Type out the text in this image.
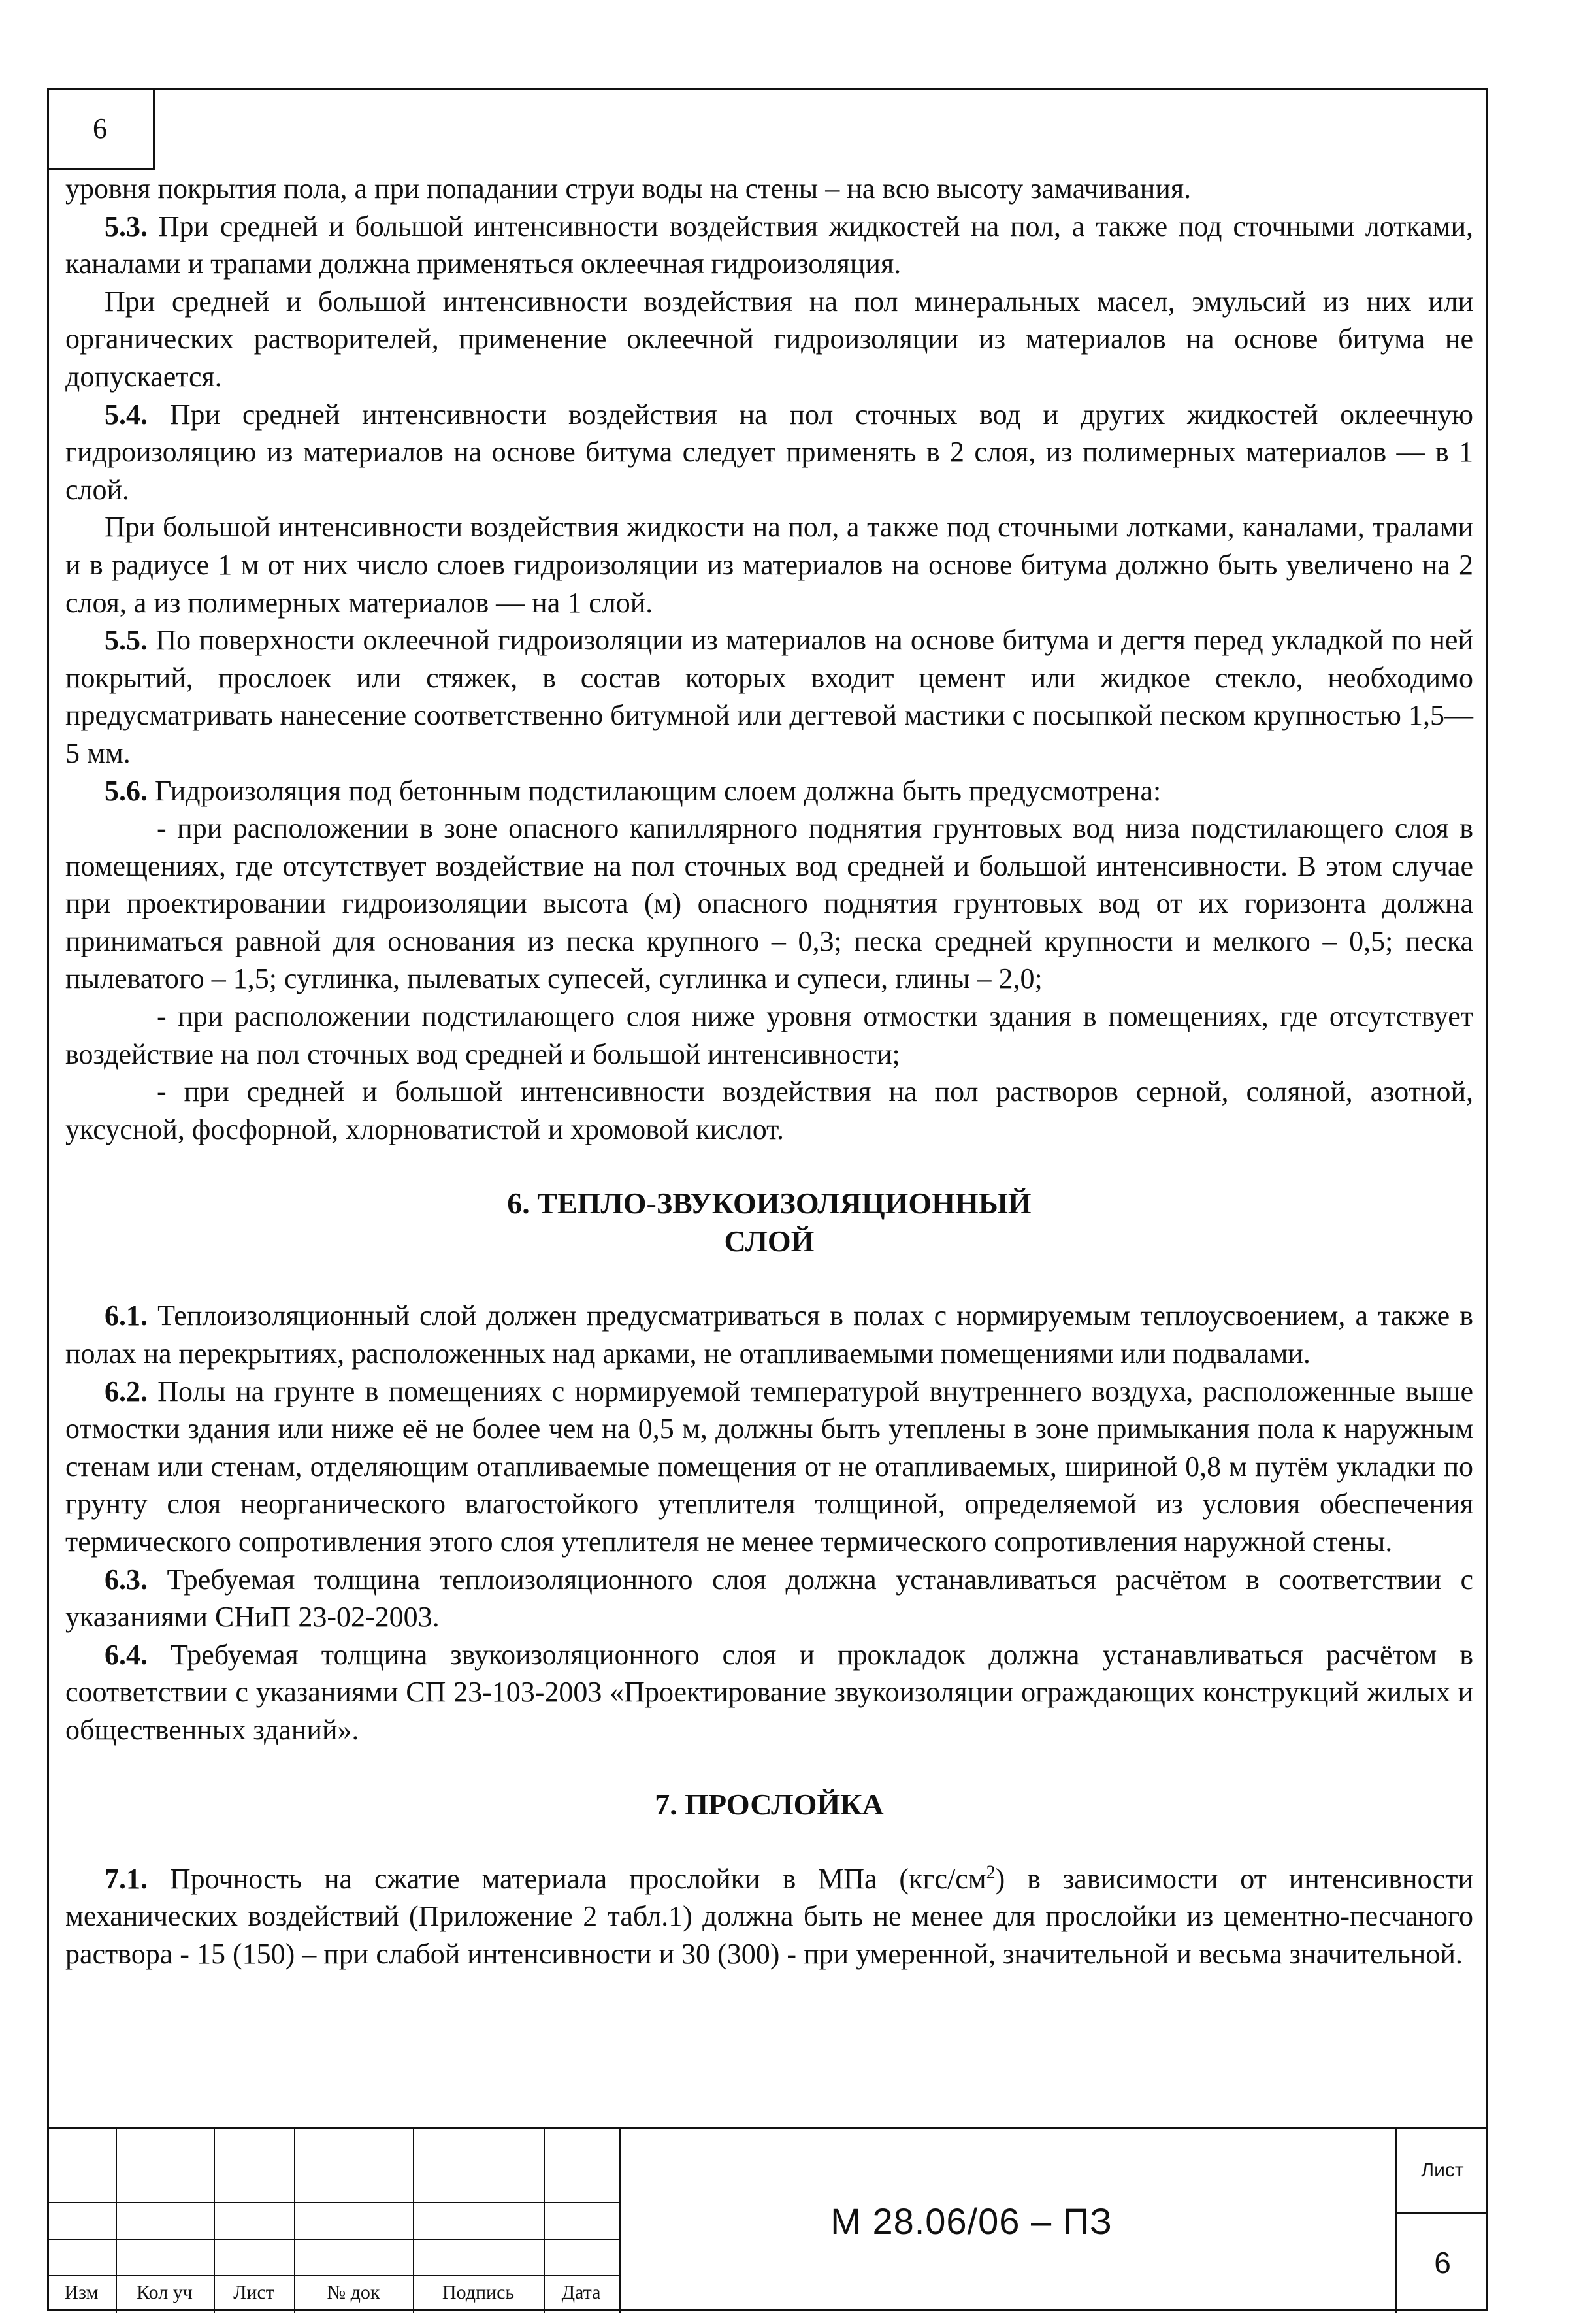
6

уровня покрытия пола, а при попадании струи воды на стены – на всю высоту замачивания.

5.3. При средней и большой интенсивности воздействия жидкостей на пол, а также под сточными лотками, каналами и трапами должна применяться оклеечная гидроизоляция.

При средней и большой интенсивности воздействия на пол минеральных масел, эмульсий из них или органических растворителей, применение оклеечной гидроизоляции из материалов на основе битума не допускается.

5.4. При средней интенсивности воздействия на пол сточных вод и других жидкостей оклеечную гидроизоляцию из материалов на основе битума следует применять в 2 слоя, из полимерных материалов — в 1 слой.

При большой интенсивности воздействия жидкости на пол, а также под сточными лотками, каналами, тралами и в радиусе 1 м от них число слоев гидроизоляции из материалов на основе битума должно быть увеличено на 2 слоя, а из полимерных материалов — на 1 слой.

5.5. По поверхности оклеечной гидроизоляции из материалов на основе битума и дегтя перед укладкой по ней покрытий, прослоек или стяжек, в состав которых входит цемент или жидкое стекло, необходимо предусматривать нанесение соответственно битумной или дегтевой мастики с посыпкой песком крупностью 1,5—5 мм.

5.6. Гидроизоляция под бетонным подстилающим слоем должна быть предусмотрена:

- при расположении в зоне опасного капиллярного поднятия грунтовых вод низа подстилающего слоя в помещениях, где отсутствует воздействие на пол сточных вод средней и большой интенсивности. В этом случае при проектировании гидроизоляции высота (м) опасного поднятия грунтовых вод от их горизонта должна приниматься равной для основания из песка крупного – 0,3; песка средней крупности и мелкого – 0,5; песка пылеватого – 1,5; суглинка, пылеватых супесей, суглинка и супеси, глины – 2,0;

- при расположении подстилающего слоя ниже уровня отмостки здания в помещениях, где отсутствует воздействие на пол сточных вод средней и большой интенсивности;

- при средней и большой интенсивности воздействия на пол растворов серной, соляной, азотной, уксусной, фосфорной, хлорноватистой и хромовой кислот.

6. ТЕПЛО-ЗВУКОИЗОЛЯЦИОННЫЙ
СЛОЙ

6.1. Теплоизоляционный слой должен предусматриваться в полах с нормируемым теплоусвоением, а также в полах на перекрытиях, расположенных над арками, не отапливаемыми помещениями или подвалами.

6.2. Полы на грунте в помещениях с нормируемой температурой внутреннего воздуха, расположенные выше отмостки здания или ниже её не более чем на 0,5 м, должны быть утеплены в зоне примыкания пола к наружным стенам или стенам, отделяющим отапливаемые помещения от не отапливаемых, шириной 0,8 м путём укладки по грунту слоя неорганического влагостойкого утеплителя толщиной, определяемой из условия обеспечения термического сопротивления этого слоя утеплителя не менее термического сопротивления наружной стены.

6.3. Требуемая толщина теплоизоляционного слоя должна устанавливаться расчётом в соответствии с указаниями СНиП 23-02-2003.

6.4. Требуемая толщина звукоизоляционного слоя и прокладок должна устанавливаться расчётом в соответствии с указаниями СП 23-103-2003 «Проектирование звукоизоляции ограждающих конструкций жилых и общественных зданий».

7. ПРОСЛОЙКА

7.1. Прочность на сжатие материала прослойки в МПа $(кгс/см^2)$ в зависимости от интенсивности механических воздействий (Приложение 2 табл.1) должна быть не менее для прослойки из цементно-песчаного раствора - 15 (150) – при слабой интенсивности и 30 (300) - при умеренной, значительной и весьма значительной.

Изм	Кол уч	Лист	№ док	Подпись	Дата
М 28.06/06 – ПЗ
Лист
6
